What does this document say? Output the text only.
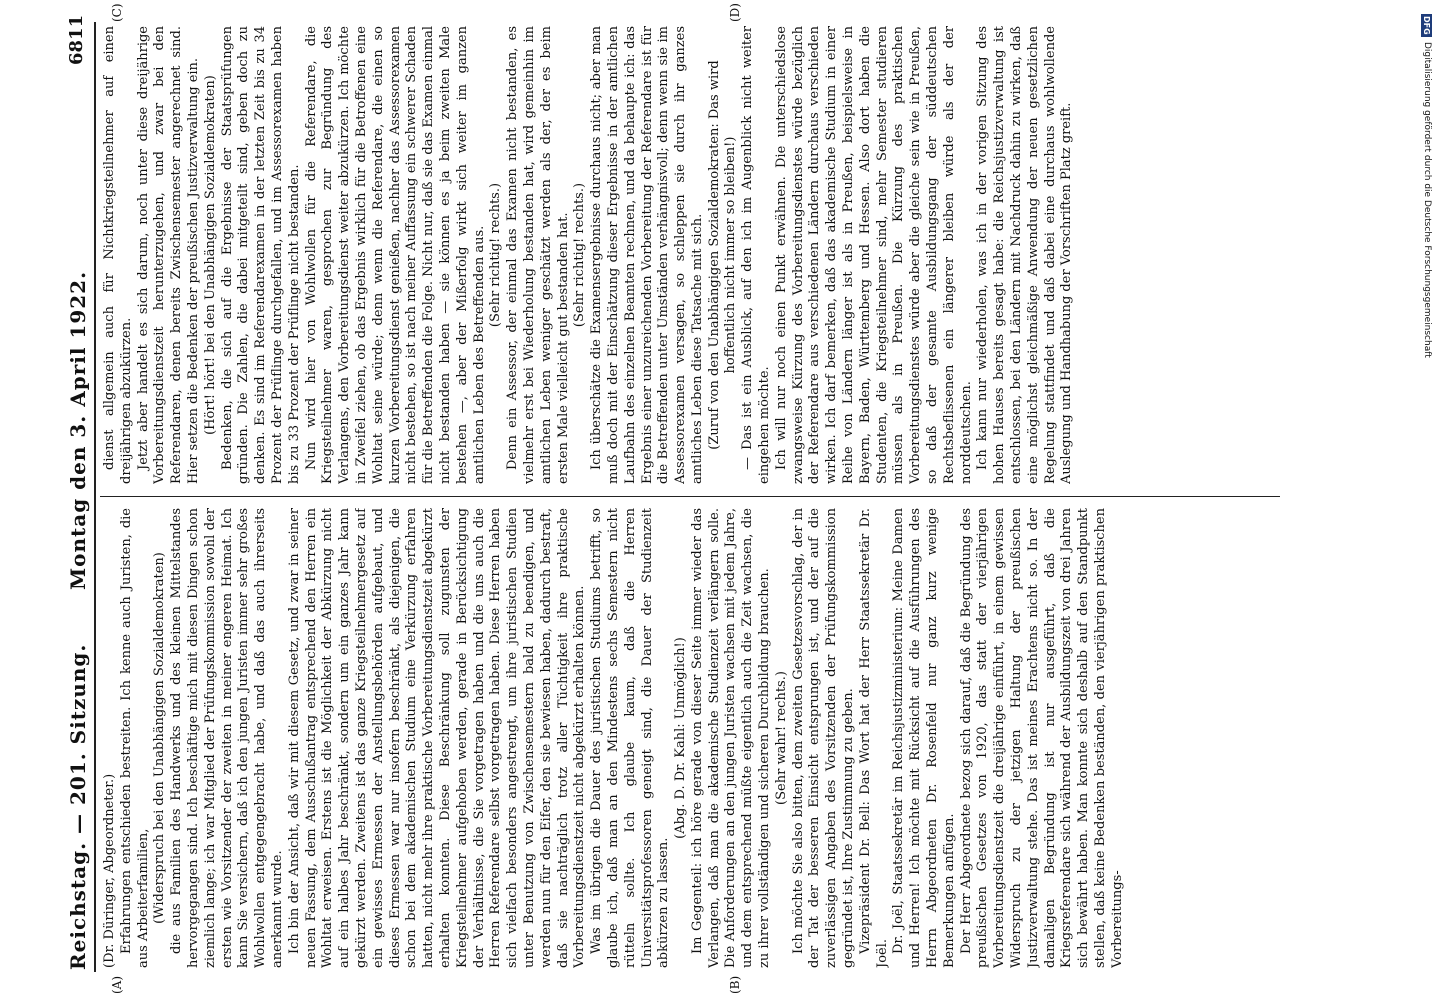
Reichstag. — 201. Sitzung.
Montag den 3. April 1922.
6811
(A)	(B)
(C)	(D)

(Dr. Düringer, Abgeordneter.) Erfahrungen entschieden bestreiten. Ich kenne auch Juristen, die aus Arbeiterfamilien, (Widerspruch bei den Unabhängigen Sozialdemokraten) die aus Familien des Handwerks und des kleinen Mittelstandes hervorgegangen sind. Ich beschäftige mich mit diesen Dingen schon ziemlich lange; ich war Mitglied der Prüfungskommission sowohl der ersten wie Vorsitzender der zweiten in meiner engeren Heimat. Ich kann Sie versichern, daß ich den jungen Juristen immer sehr großes Wohlwollen entgegengebracht habe, und daß das auch ihrerseits anerkannt wurde. Ich bin der Ansicht, daß wir mit diesem Gesetz, und zwar in seiner neuen Fassung, dem Ausschußantrag entsprechend den Herren ein Wohltat erweisen. Erstens ist die Möglichkeit der Abkürzung nicht auf ein halbes Jahr beschränkt, sondern um ein ganzes Jahr kann gekürzt werden. Zweitens ist das ganze Kriegsteilnehmergesetz auf ein gewisses Ermessen der Anstellungsbehörden aufgebaut, und dieses Ermessen war nur insofern beschränkt, als diejenigen, die schon bei dem akademischen Studium eine Verkürzung erfahren hatten, nicht mehr ihre praktische Vorbereitungsdienstzeit abgekürzt erhalten konnten. Diese Beschränkung soll zugunsten der Kriegsteilnehmer aufgehoben werden, gerade in Berücksichtigung der Verhältnisse, die Sie vorgetragen haben und die uns auch die Herren Referendare selbst vorgetragen haben. Diese Herren haben sich vielfach besonders angestrengt, um ihre juristischen Studien unter Benutzung von Zwischensemestern bald zu beendigen, und werden nun für den Eifer, den sie bewiesen haben, dadurch bestraft, daß sie nachträglich trotz aller Tüchtigkeit ihre praktische Vorbereitungsdienstzeit nicht abgekürzt erhalten können. Was im übrigen die Dauer des juristischen Studiums betrifft, so glaube ich, daß man an den Mindestens sechs Semestern nicht rütteln sollte. Ich glaube kaum, daß die Herren Universitätsprofessoren geneigt sind, die Dauer der Studienzeit abkürzen zu lassen.

(Abg. D. Dr. Kahl: Unmöglich!) Im Gegenteil: ich höre gerade von dieser Seite immer wieder das Verlangen, daß man die akademische Studienzeit verlängern solle. Die Anforderungen an den jungen Juristen wachsen mit jedem Jahre, und dem entsprechend müßte eigentlich auch die Zeit wachsen, die zu ihrer vollständigen und sicheren Durchbildung brauchen. (Sehr wahr! rechts.) Ich möchte Sie also bitten, dem zweiten Gesetzesvorschlag, der in der Tat der besseren Einsicht entsprungen ist, und der auf die zuverlässigen Angaben des Vorsitzenden der Prüfungskommission gegründet ist, Ihre Zustimmung zu geben. Vizepräsident Dr. Bell: Das Wort hat der Herr Staatssekretär Dr. Joël. Dr. Joël, Staatssekretär im Reichsjustizministerium: Meine Damen und Herren! Ich möchte mit Rücksicht auf die Ausführungen des Herrn Abgeordneten Dr. Rosenfeld nur ganz kurz wenige Bemerkungen anfügen. Der Herr Abgeordnete bezog sich darauf, daß die Begründung des preußischen Gesetzes von 1920, das statt der vierjährigen Vorbereitungsdienstzeit die dreijährige einführt, in einem gewissen Widerspruch zu der jetzigen Haltung der preußischen Justizverwaltung stehe. Das ist meines Erachtens nicht so. In der damaligen Begründung ist nur ausgeführt, daß die Kriegsreferendare sich während der Ausbildungszeit von drei Jahren sich bewährt haben. Man konnte sich deshalb auf den Standpunkt stellen, daß keine Bedenken beständen, den vierjährigen praktischen Vorbereitungs-

dienst allgemein auch für Nichtkriegsteilnehmer auf einen dreijährigen abzukürzen. Jetzt aber handelt es sich darum, noch unter diese dreijährige Vorbereitungsdienstzeit herunterzugehen, und zwar bei den Referendaren, denen bereits Zwischensemester angerechnet sind. Hier setzen die Bedenken der preußischen Justizverwaltung ein. (Hört! hört! bei den Unabhängigen Sozialdemokraten) Bedenken, die sich auf die Ergebnisse der Staatsprüfungen gründen. Die Zahlen, die dabei mitgeteilt sind, geben doch zu denken. Es sind im Referendarexamen in der letzten Zeit bis zu 34 Prozent der Prüflinge durchgefallen, und im Assessorexamen haben bis zu 33 Prozent der Prüflinge nicht bestanden. Nun wird hier von Wohlwollen für die Referendare, die Kriegsteilnehmer waren, gesprochen zur Begründung des Verlangens, den Vorbereitungsdienst weiter abzukürzen. Ich möchte in Zweifel ziehen, ob das Ergebnis wirklich für die Betroffenen eine Wohltat seine würde; denn wenn die Referendare, die einen so kurzen Vorbereitungsdienst genießen, nachher das Assessorexamen nicht bestehen, so ist nach meiner Auffassung ein schwerer Schaden für die Betreffenden die Folge. Nicht nur, daß sie das Examen einmal nicht bestanden haben — sie können es ja beim zweiten Male bestehen —, aber der Mißerfolg wirkt sich weiter im ganzen amtlichen Leben des Betreffenden aus. (Sehr richtig! rechts.) Denn ein Assessor, der einmal das Examen nicht bestanden, es vielmehr erst bei Wiederholung bestanden hat, wird gemeinhin im amtlichen Leben weniger geschätzt werden als der, der es beim ersten Male vielleicht gut bestanden hat. (Sehr richtig! rechts.) Ich überschätze die Examensergebnisse durchaus nicht; aber man muß doch mit der Einschätzung dieser Ergebnisse in der amtlichen Laufbahn des einzelnen Beamten rechnen, und da behaupte ich: das Ergebnis einer unzureichenden Vorbereitung der Referendare ist für die Betreffenden unter Umständen verhängnisvoll; denn wenn sie im Assessorexamen versagen, so schleppen sie durch ihr ganzes amtliches Leben diese Tatsache mit sich. (Zuruf von den Unabhängigen Sozialdemokraten: Das wird hoffentlich nicht immer so bleiben!) — Das ist ein Ausblick, auf den ich im Augenblick nicht weiter eingehen möchte. Ich will nur noch einen Punkt erwähnen. Die unterschiedslose zwangsweise Kürzung des Vorbereitungsdienstes würde bezüglich der Referendare aus verschiedenen Ländern durchaus verschieden wirken. Ich darf bemerken, daß das akademische Studium in einer Reihe von Ländern länger ist als in Preußen, beispielsweise in Bayern, Baden, Württemberg und Hessen. Also dort haben die Studenten, die Kriegsteilnehmer sind, mehr Semester studieren müssen als in Preußen. Die Kürzung des praktischen Vorbereitungsdienstes würde aber die gleiche sein wie in Preußen, so daß der gesamte Ausbildungsgang der süddeutschen Rechtsbeflissenen ein längerer bleiben würde als der der norddeutschen. Ich kann nur wiederholen, was ich in der vorigen Sitzung des hohen Hauses bereits gesagt habe: die Reichsjustizverwaltung ist entschlossen, bei den Ländern mit Nachdruck dahin zu wirken, daß eine möglichst gleichmäßige Anwendung der neuen gesetzlichen Regelung stattfindet und daß dabei eine durchaus wohlwollende Auslegung und Handhabung der Vorschriften Platz greift.

DFG
Digitalisierung gefördert durch die Deutsche Forschungsgemeinschaft
